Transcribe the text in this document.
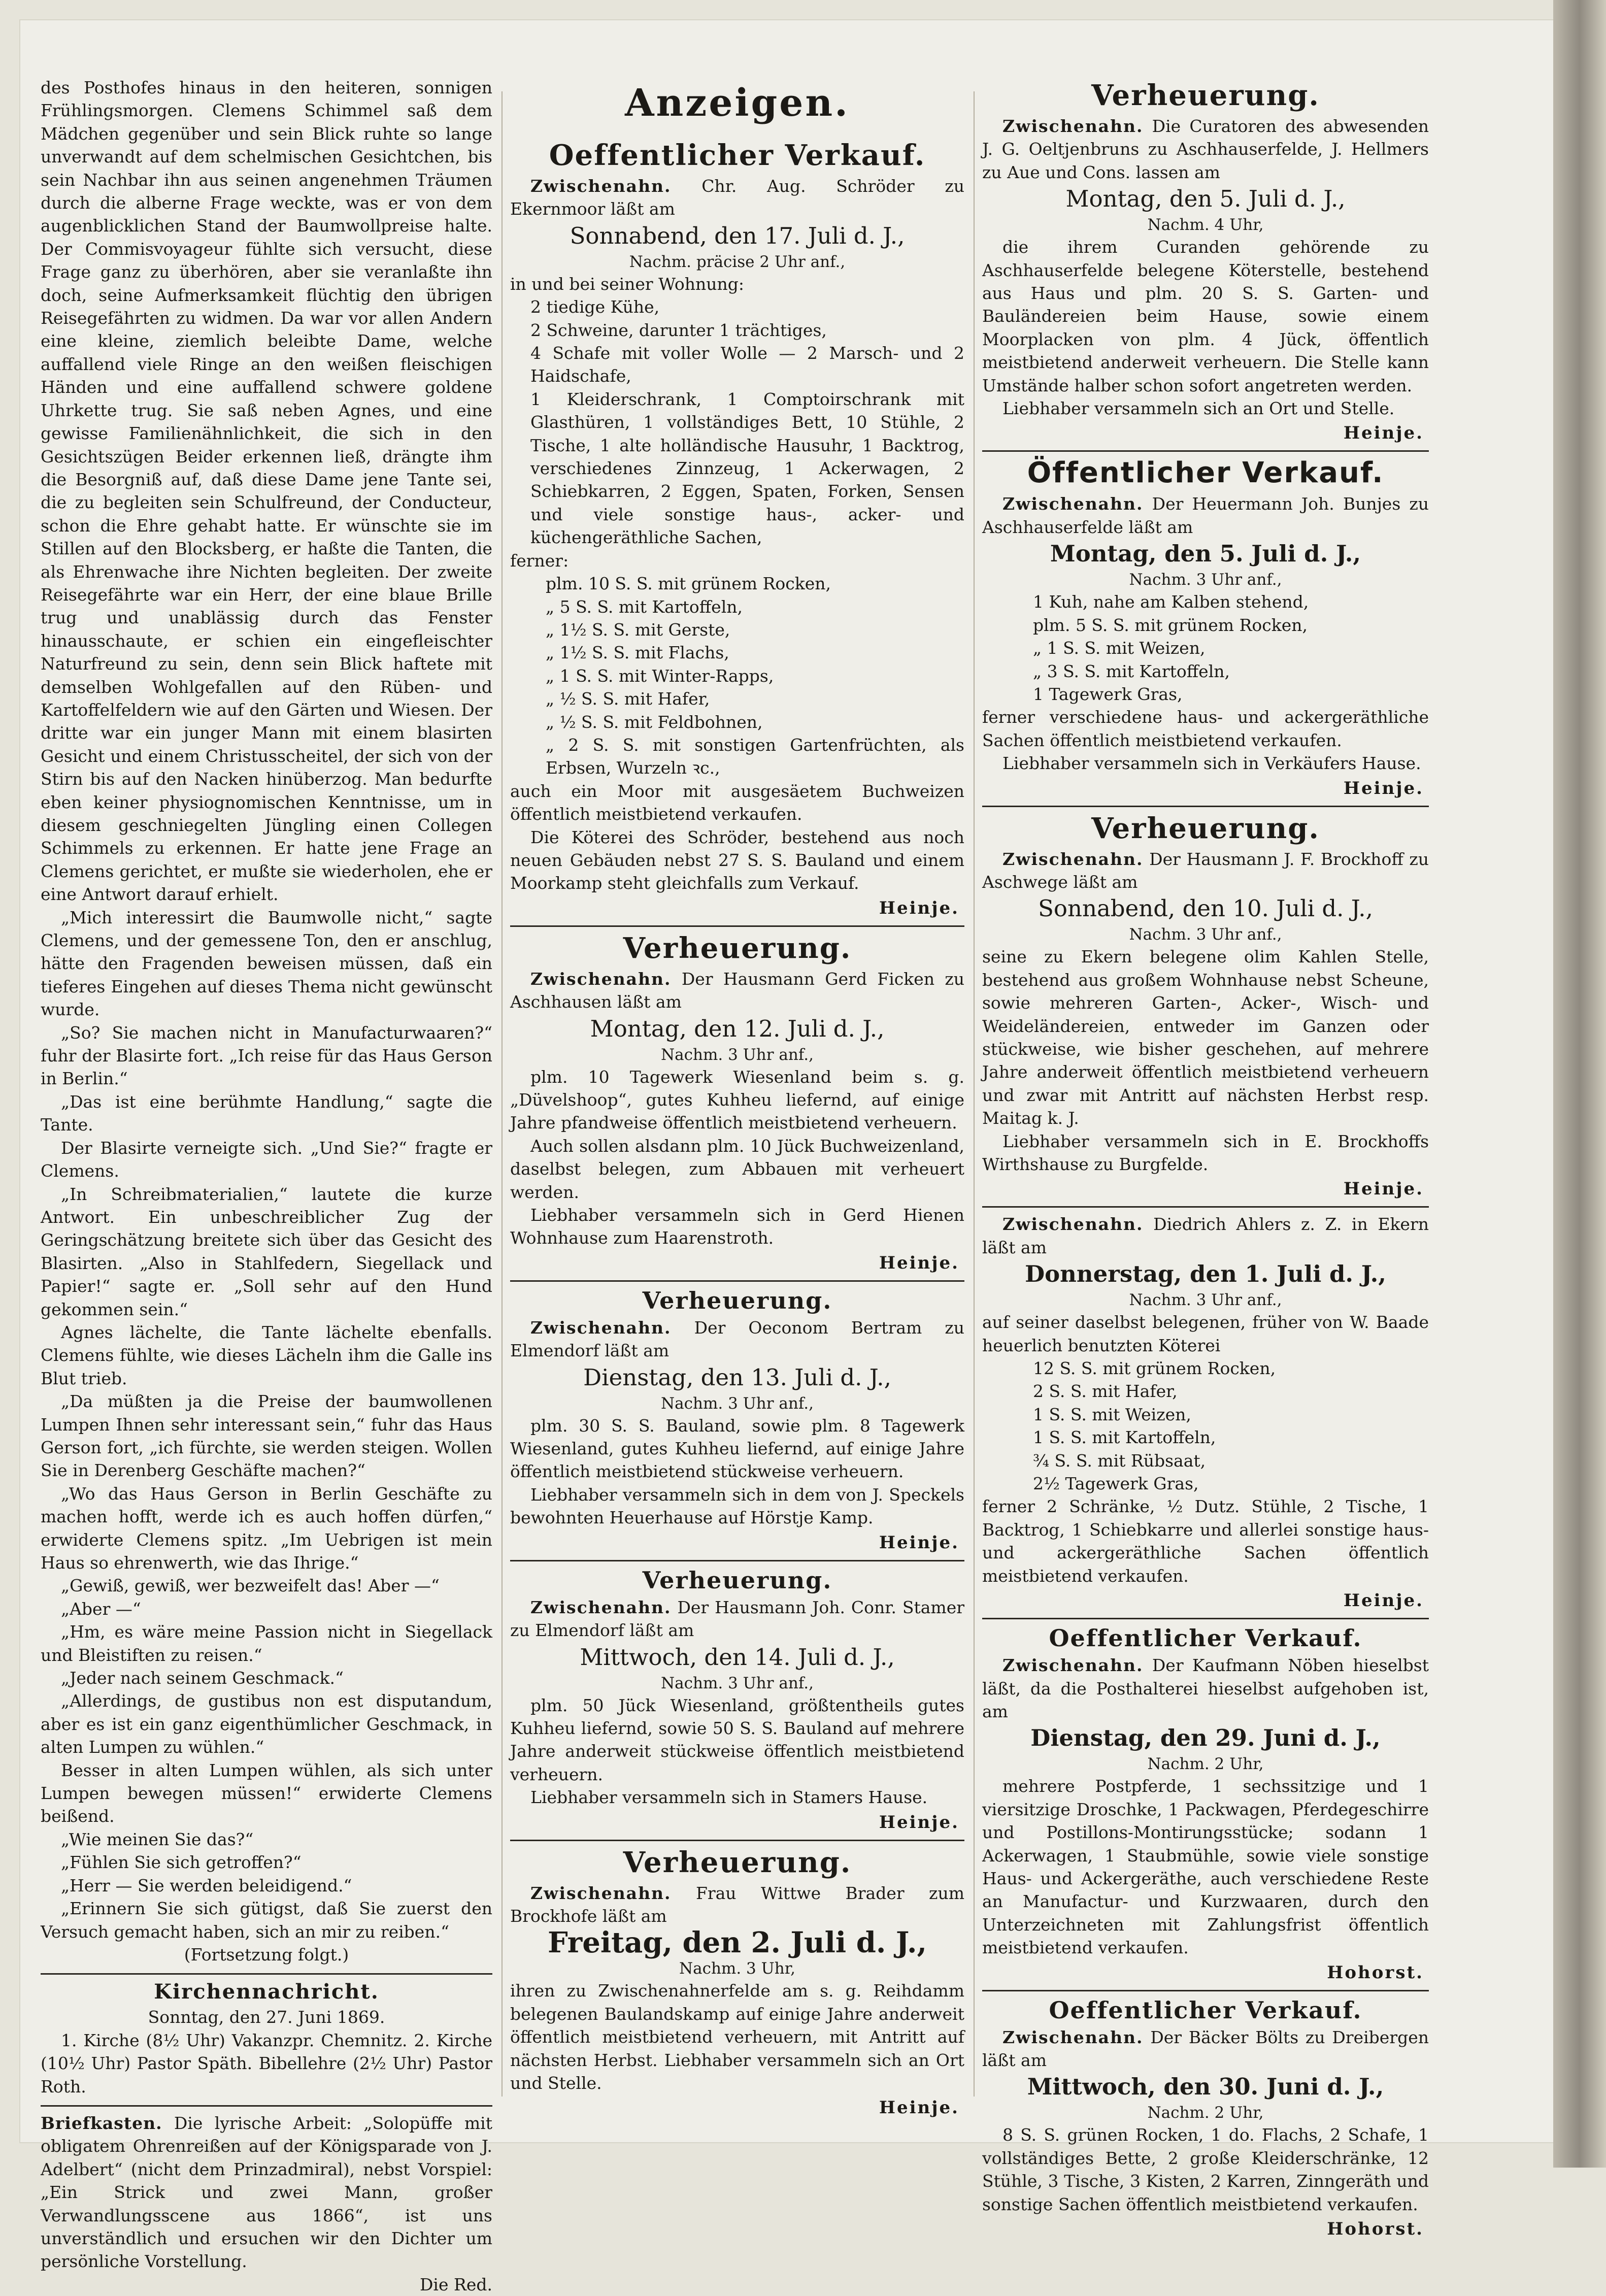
des Posthofes hinaus in den heiteren, sonnigen Frühlingsmorgen. Clemens Schimmel saß dem Mädchen gegenüber und sein Blick ruhte so lange unverwandt auf dem schelmischen Gesichtchen, bis sein Nachbar ihn aus seinen angenehmen Träumen durch die alberne Frage weckte, was er von dem augenblicklichen Stand der Baumwollpreise halte. Der Commisvoyageur fühlte sich versucht, diese Frage ganz zu überhören, aber sie veranlaßte ihn doch, seine Aufmerksamkeit flüchtig den übrigen Reisegefährten zu widmen. Da war vor allen Andern eine kleine, ziemlich beleibte Dame, welche auffallend viele Ringe an den weißen fleischigen Händen und eine auffallend schwere goldene Uhrkette trug. Sie saß neben Agnes, und eine gewisse Familienähnlichkeit, die sich in den Gesichtszügen Beider erkennen ließ, drängte ihm die Besorgniß auf, daß diese Dame jene Tante sei, die zu begleiten sein Schulfreund, der Conducteur, schon die Ehre gehabt hatte. Er wünschte sie im Stillen auf den Blocksberg, er haßte die Tanten, die als Ehrenwache ihre Nichten begleiten. Der zweite Reisegefährte war ein Herr, der eine blaue Brille trug und unablässig durch das Fenster hinausschaute, er schien ein eingefleischter Naturfreund zu sein, denn sein Blick haftete mit demselben Wohlgefallen auf den Rüben- und Kartoffelfeldern wie auf den Gärten und Wiesen. Der dritte war ein junger Mann mit einem blasirten Gesicht und einem Christusscheitel, der sich von der Stirn bis auf den Nacken hinüberzog. Man bedurfte eben keiner physiognomischen Kenntnisse, um in diesem geschniegelten Jüngling einen Collegen Schimmels zu erkennen. Er hatte jene Frage an Clemens gerichtet, er mußte sie wiederholen, ehe er eine Antwort darauf erhielt.

„Mich interessirt die Baumwolle nicht,“ sagte Clemens, und der gemessene Ton, den er anschlug, hätte den Fragenden beweisen müssen, daß ein tieferes Eingehen auf dieses Thema nicht gewünscht wurde.

„So? Sie machen nicht in Manufacturwaaren?“ fuhr der Blasirte fort. „Ich reise für das Haus Gerson in Berlin.“

„Das ist eine berühmte Handlung,“ sagte die Tante.

Der Blasirte verneigte sich. „Und Sie?“ fragte er Clemens.

„In Schreibmaterialien,“ lautete die kurze Antwort. Ein unbeschreiblicher Zug der Geringschätzung breitete sich über das Gesicht des Blasirten. „Also in Stahlfedern, Siegellack und Papier!“ sagte er. „Soll sehr auf den Hund gekommen sein.“

Agnes lächelte, die Tante lächelte ebenfalls. Clemens fühlte, wie dieses Lächeln ihm die Galle ins Blut trieb.

„Da müßten ja die Preise der baumwollenen Lumpen Ihnen sehr interessant sein,“ fuhr das Haus Gerson fort, „ich fürchte, sie werden steigen. Wollen Sie in Derenberg Geschäfte machen?“

„Wo das Haus Gerson in Berlin Geschäfte zu machen hofft, werde ich es auch hoffen dürfen,“ erwiderte Clemens spitz. „Im Uebrigen ist mein Haus so ehrenwerth, wie das Ihrige.“

„Gewiß, gewiß, wer bezweifelt das! Aber —“

„Aber —“

„Hm, es wäre meine Passion nicht in Siegellack und Bleistiften zu reisen.“

„Jeder nach seinem Geschmack.“

„Allerdings, de gustibus non est disputandum, aber es ist ein ganz eigenthümlicher Geschmack, in alten Lumpen zu wühlen.“

Besser in alten Lumpen wühlen, als sich unter Lumpen bewegen müssen!“ erwiderte Clemens beißend.

„Wie meinen Sie das?“

„Fühlen Sie sich getroffen?“

„Herr — Sie werden beleidigend.“

„Erinnern Sie sich gütigst, daß Sie zuerst den Versuch gemacht haben, sich an mir zu reiben.“

(Fortsetzung folgt.)

Kirchennachricht.

Sonntag, den 27. Juni 1869.

1. Kirche (8½ Uhr) Vakanzpr. Chemnitz. 2. Kirche (10½ Uhr) Pastor Späth. Bibellehre (2½ Uhr) Pastor Roth.

Briefkasten. Die lyrische Arbeit: „Solopüffe mit obligatem Ohrenreißen auf der Königsparade von J. Adelbert“ (nicht dem Prinzadmiral), nebst Vorspiel: „Ein Strick und zwei Mann, großer Verwandlungsscene aus 1866“, ist uns unverständlich und ersuchen wir den Dichter um persönliche Vorstellung.

Die Red.

Anzeigen.
Oeffentlicher Verkauf.

Zwischenahn. Chr. Aug. Schröder zu Ekernmoor läßt am

Sonnabend, den 17. Juli d. J.,
Nachm. präcise 2 Uhr anf.,

in und bei seiner Wohnung:

2 tiedige Kühe,

2 Schweine, darunter 1 trächtiges,

4 Schafe mit voller Wolle — 2 Marsch- und 2 Haidschafe,

1 Kleiderschrank, 1 Comptoirschrank mit Glasthüren, 1 vollständiges Bett, 10 Stühle, 2 Tische, 1 alte holländische Hausuhr, 1 Backtrog, verschiedenes Zinnzeug, 1 Ackerwagen, 2 Schiebkarren, 2 Eggen, Spaten, Forken, Sensen und viele sonstige haus-, acker- und küchengeräthliche Sachen,

ferner:

plm. 10 S. S. mit grünem Rocken,

„ 5 S. S. mit Kartoffeln,

„ 1½ S. S. mit Gerste,

„ 1½ S. S. mit Flachs,

„ 1 S. S. mit Winter-Rapps,

„ ½ S. S. mit Hafer,

„ ½ S. S. mit Feldbohnen,

„ 2 S. S. mit sonstigen Gartenfrüchten, als Erbsen, Wurzeln ꝛc.,

auch ein Moor mit ausgesäetem Buchweizen öffentlich meistbietend verkaufen.

Die Köterei des Schröder, bestehend aus noch neuen Gebäuden nebst 27 S. S. Bauland und einem Moorkamp steht gleichfalls zum Verkauf.

Heinje.
Verheuerung.

Zwischenahn. Der Hausmann Gerd Ficken zu Aschhausen läßt am

Montag, den 12. Juli d. J.,
Nachm. 3 Uhr anf.,

plm. 10 Tagewerk Wiesenland beim s. g. „Düvelshoop“, gutes Kuhheu liefernd, auf einige Jahre pfandweise öffentlich meistbietend verheuern.

Auch sollen alsdann plm. 10 Jück Buchweizenland, daselbst belegen, zum Abbauen mit verheuert werden.

Liebhaber versammeln sich in Gerd Hienen Wohnhause zum Haarenstroth.

Heinje.
Verheuerung.

Zwischenahn. Der Oeconom Bertram zu Elmendorf läßt am

Dienstag, den 13. Juli d. J.,
Nachm. 3 Uhr anf.,

plm. 30 S. S. Bauland, sowie plm. 8 Tagewerk Wiesenland, gutes Kuhheu liefernd, auf einige Jahre öffentlich meistbietend stückweise verheuern.

Liebhaber versammeln sich in dem von J. Speckels bewohnten Heuerhause auf Hörstje Kamp.

Heinje.
Verheuerung.

Zwischenahn. Der Hausmann Joh. Conr. Stamer zu Elmendorf läßt am

Mittwoch, den 14. Juli d. J.,
Nachm. 3 Uhr anf.,

plm. 50 Jück Wiesenland, größtentheils gutes Kuhheu liefernd, sowie 50 S. S. Bauland auf mehrere Jahre anderweit stückweise öffentlich meistbietend verheuern.

Liebhaber versammeln sich in Stamers Hause.

Heinje.
Verheuerung.

Zwischenahn. Frau Wittwe Brader zum Brockhofe läßt am

Freitag, den 2. Juli d. J.,
Nachm. 3 Uhr,

ihren zu Zwischenahnerfelde am s. g. Reihdamm belegenen Baulandskamp auf einige Jahre anderweit öffentlich meistbietend verheuern, mit Antritt auf nächsten Herbst. Liebhaber versammeln sich an Ort und Stelle.

Heinje.
Verheuerung.

Zwischenahn. Die Curatoren des abwesenden J. G. Oeltjenbruns zu Aschhauserfelde, J. Hellmers zu Aue und Cons. lassen am

Montag, den 5. Juli d. J.,
Nachm. 4 Uhr,

die ihrem Curanden gehörende zu Aschhauserfelde belegene Köterstelle, bestehend aus Haus und plm. 20 S. S. Garten- und Bauländereien beim Hause, sowie einem Moorplacken von plm. 4 Jück, öffentlich meistbietend anderweit verheuern. Die Stelle kann Umstände halber schon sofort angetreten werden.

Liebhaber versammeln sich an Ort und Stelle.

Heinje.
Öffentlicher Verkauf.

Zwischenahn. Der Heuermann Joh. Bunjes zu Aschhauserfelde läßt am

Montag, den 5. Juli d. J.,
Nachm. 3 Uhr anf.,

1 Kuh, nahe am Kalben stehend,

plm. 5 S. S. mit grünem Rocken,

„ 1 S. S. mit Weizen,

„ 3 S. S. mit Kartoffeln,

1 Tagewerk Gras,

ferner verschiedene haus- und ackergeräthliche Sachen öffentlich meistbietend verkaufen.

Liebhaber versammeln sich in Verkäufers Hause.

Heinje.
Verheuerung.

Zwischenahn. Der Hausmann J. F. Brockhoff zu Aschwege läßt am

Sonnabend, den 10. Juli d. J.,
Nachm. 3 Uhr anf.,

seine zu Ekern belegene olim Kahlen Stelle, bestehend aus großem Wohnhause nebst Scheune, sowie mehreren Garten-, Acker-, Wisch- und Weideländereien, entweder im Ganzen oder stückweise, wie bisher geschehen, auf mehrere Jahre anderweit öffentlich meistbietend verheuern und zwar mit Antritt auf nächsten Herbst resp. Maitag k. J.

Liebhaber versammeln sich in E. Brockhoffs Wirthshause zu Burgfelde.

Heinje.

Zwischenahn. Diedrich Ahlers z. Z. in Ekern läßt am

Donnerstag, den 1. Juli d. J.,
Nachm. 3 Uhr anf.,

auf seiner daselbst belegenen, früher von W. Baade heuerlich benutzten Köterei

12 S. S. mit grünem Rocken,

2 S. S. mit Hafer,

1 S. S. mit Weizen,

1 S. S. mit Kartoffeln,

¾ S. S. mit Rübsaat,

2½ Tagewerk Gras,

ferner 2 Schränke, ½ Dutz. Stühle, 2 Tische, 1 Backtrog, 1 Schiebkarre und allerlei sonstige haus- und ackergeräthliche Sachen öffentlich meistbietend verkaufen.

Heinje.
Oeffentlicher Verkauf.

Zwischenahn. Der Kaufmann Nöben hieselbst läßt, da die Posthalterei hieselbst aufgehoben ist, am

Dienstag, den 29. Juni d. J.,
Nachm. 2 Uhr,

mehrere Postpferde, 1 sechssitzige und 1 viersitzige Droschke, 1 Packwagen, Pferdegeschirre und Postillons-Montirungsstücke; sodann 1 Ackerwagen, 1 Staubmühle, sowie viele sonstige Haus- und Ackergeräthe, auch verschiedene Reste an Manufactur- und Kurzwaaren, durch den Unterzeichneten mit Zahlungsfrist öffentlich meistbietend verkaufen.

Hohorst.
Oeffentlicher Verkauf.

Zwischenahn. Der Bäcker Bölts zu Dreibergen läßt am

Mittwoch, den 30. Juni d. J.,
Nachm. 2 Uhr,

8 S. S. grünen Rocken, 1 do. Flachs, 2 Schafe, 1 vollständiges Bette, 2 große Kleiderschränke, 12 Stühle, 3 Tische, 3 Kisten, 2 Karren, Zinngeräth und sonstige Sachen öffentlich meistbietend verkaufen.

Hohorst.
